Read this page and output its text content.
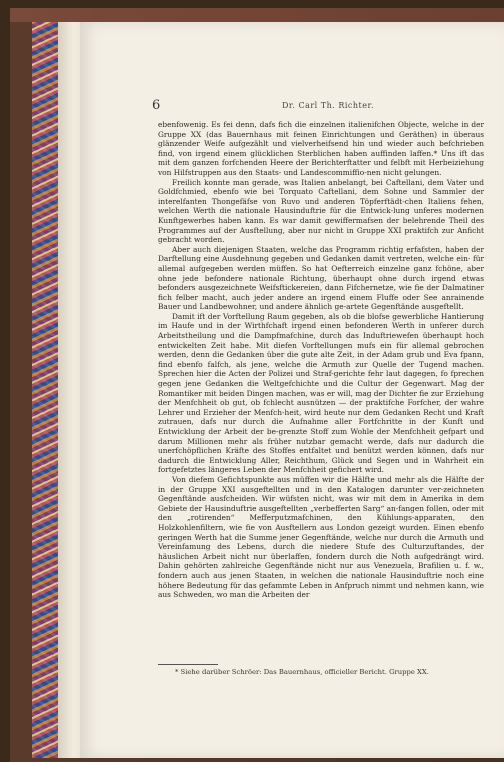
6	Dr. Carl Th. Richter.

ebenfowenig. Es fei denn, dafs fich die einzelnen italienifchen Objecte, welche in der Gruppe XX (das Bauernhaus mit feinen Einrichtungen und Geräthen) in überaus glänzender Weife aufgezählt und vielverheifsend hin und wieder auch befchrieben find, von irgend einem glücklichen Sterblichen haben auffinden laffen.* Uns ift das mit dem ganzen forfchenden Heere der Berichterftatter und felbft mit Herbeiziehung von Hilfstruppen aus den Staats- und Landescommiffio-nen nicht gelungen.

Freilich konnte man gerade, was Italien anbelangt, bei Caftellani, dem Vater und Goldfchmied, ebenfo wie bei Torquato Caftellani, dem Sohne und Sammler der interelfanten Thongefäfse von Ruvo und anderen Töpferftädt-chen Italiens fehen, welchen Werth die nationale Hausinduftrie für die Entwick-lung unferes modernen Kunftgewerbes haben kann. Es war damit gewiffermafsen der belehrende Theil des Programmes auf der Ausftellung, aber nur nicht in Gruppe XXI praktifch zur Anficht gebracht worden.

Aber auch diejenigen Staaten, welche das Programm richtig erfafsten, haben der Darftellung eine Ausdehnung gegeben und Gedanken damit vertreten, welche ein- für allemal aufgegeben werden müffen. So hat Oefterreich einzelne ganz fchöne, aber ohne jede befondere nationale Richtung, überhaupt ohne durch irgend etwas befonders ausgezeichnete Weifsftickereien, dann Fifchernetze, wie fie der Dalmatiner fich felber macht, auch jeder andere an irgend einem Fluffe oder See anrainende Bauer und Landbewohner, und andere ähnlich ge-artete Gegenftände ausgeftellt.

Damit ift der Vorftellung Raum gegeben, als ob die blofse gewerbliche Hantierung im Haufe und in der Wirthfchaft irgend einen befonderen Werth in unferer durch Arbeitstheilung und die Dampfmafchine, durch das Induftriewefen überhaupt hoch entwickelten Zeit habe. Mit diefen Vorftellungen mufs ein für allemal gebrochen werden, denn die Gedanken über die gute alte Zeit, in der Adam grub und Eva fpann, find ebenfo falfch, als jene, welche die Armuth zur Quelle der Tugend machen. Sprechen hier die Acten der Polizei und Straf-gerichte fehr laut dagegen, fo fprechen gegen jene Gedanken die Weltgefchichte und die Cultur der Gegenwart. Mag der Romantiker mit beiden Dingen machen, was er will, mag der Dichter fie zur Erziehung der Menfchheit ob gut, ob fchlecht ausnützen — der praktifche Forfcher, der wahre Lehrer und Erzieher der Menfch-heit, wird heute nur dem Gedanken Recht und Kraft zutrauen, dafs nur durch die Aufnahme aller Fortfchritte in der Kunft und Entwicklung der Arbeit der be-grenzte Stoff zum Wohle der Menfchheit gefpart und darum Millionen mehr als früher nutzbar gemacht werde, dafs nur dadurch die unerfchöpflichen Kräfte des Stoffes entfaltet und benützt werden können, dafs nur dadurch die Entwicklung Aller, Reichthum, Glück und Segen und in Wahrheit ein fortgefetztes längeres Leben der Menfchheit gefichert wird.

Von diefem Gefichtspunkte aus müffen wir die Hälfte und mehr als die Hälfte der in der Gruppe XXI ausgeftellten und in den Katalogen darunter ver-zeichneten Gegenftände ausfcheiden. Wir wüfsten nicht, was wir mit dem in Amerika in dem Gebiete der Hausinduftrie ausgeftellten „verbefferten Sarg“ an-fangen follen, oder mit den „rotirenden“ Mefferputzmafchinen, den Kühlungs-apparaten, den Holzkohlenfiltern, wie fie von Ausftellern aus London gezeigt wurden. Einen ebenfo geringen Werth hat die Summe jener Gegenftände, welche nur durch die Armuth und Vereinfamung des Lebens, durch die niedere Stufe des Culturzuftandes, der häuslichen Arbeit nicht nur überlaffen, fondern durch die Noth aufgedrängt wird. Dahin gehörten zahlreiche Gegenftände nicht nur aus Venezuela, Brafilien u. f. w., fondern auch aus jenen Staaten, in welchen die nationale Hausinduftrie noch eine höhere Bedeutung für das gefammte Leben in Anfpruch nimmt und nehmen kann, wie aus Schweden, wo man die Arbeiten der

* Siehe darüber Schröer: Das Bauernhaus, officieller Bericht. Gruppe XX.
